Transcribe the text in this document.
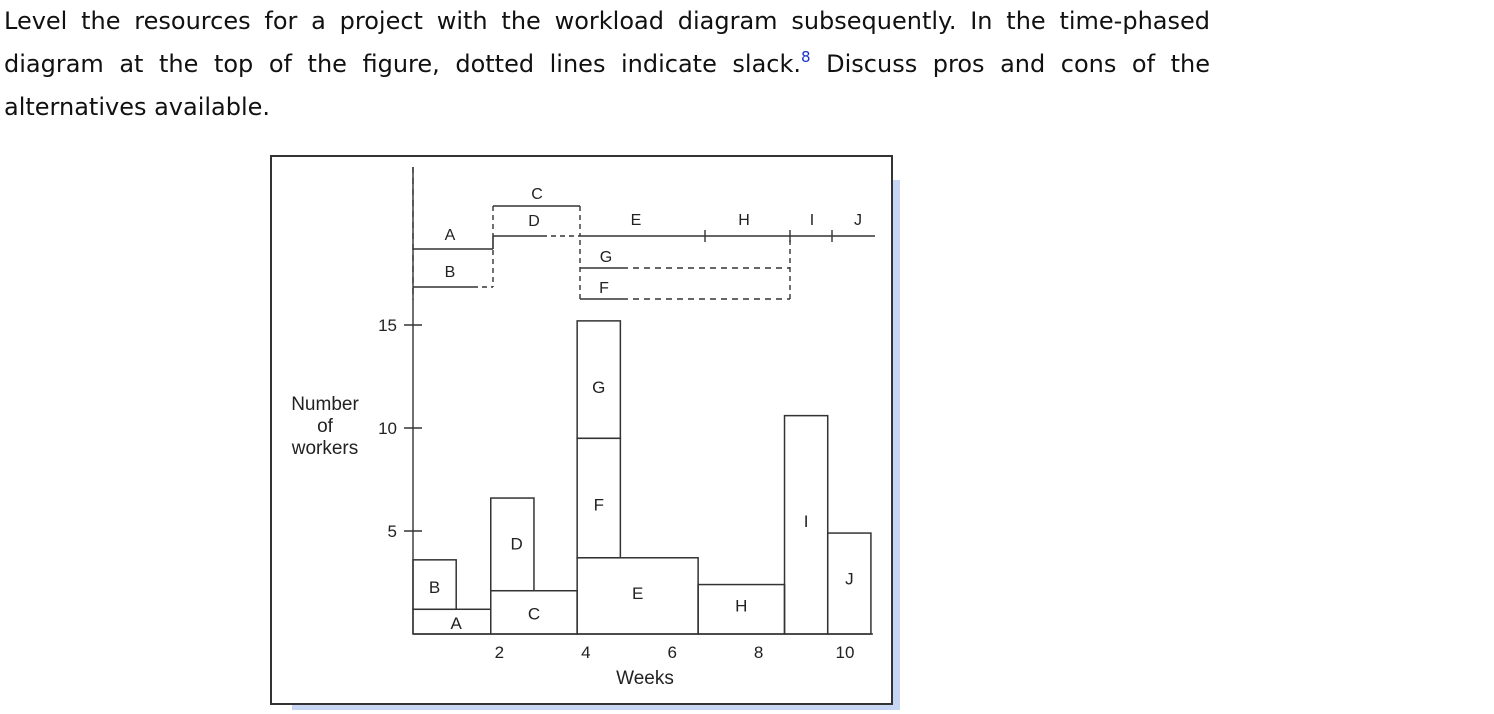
Level the resources for a project with the workload diagram subsequently. In the time-phased diagram at the top of the figure, dotted lines indicate slack.$^8$ Discuss pros and cons of the alternatives available.

A
B
C
D	E
G
F
H	I J
A
B
C
D
E
F
G
H
I
J
5
10
15
2	4	6	8	10
Weeks
Number of workers
